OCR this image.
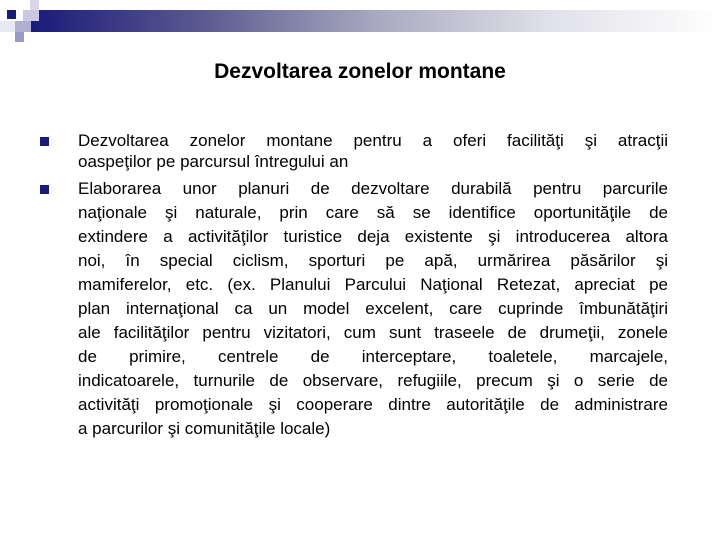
Dezvoltarea zonelor montane
Dezvoltarea zonelor montane pentru a oferi facilităţi şi atracţii
oaspeţilor pe parcursul întregului an
Elaborarea unor planuri de dezvoltare durabilă pentru parcurile
naţionale şi naturale, prin care să se identifice oportunităţile de
extindere a activităţilor turistice deja existente şi introducerea altora
noi, în special ciclism, sporturi pe apă, urmărirea păsărilor şi
mamiferelor, etc. (ex. Planului Parcului Naţional Retezat, apreciat pe
plan internaţional ca un model excelent, care cuprinde îmbunătăţiri
ale facilităţilor pentru vizitatori, cum sunt traseele de drumeţii, zonele
de primire, centrele de interceptare, toaletele, marcajele,
indicatoarele, turnurile de observare, refugiile, precum şi o serie de
activităţi promoţionale şi cooperare dintre autorităţile de administrare
a parcurilor şi comunităţile locale)
